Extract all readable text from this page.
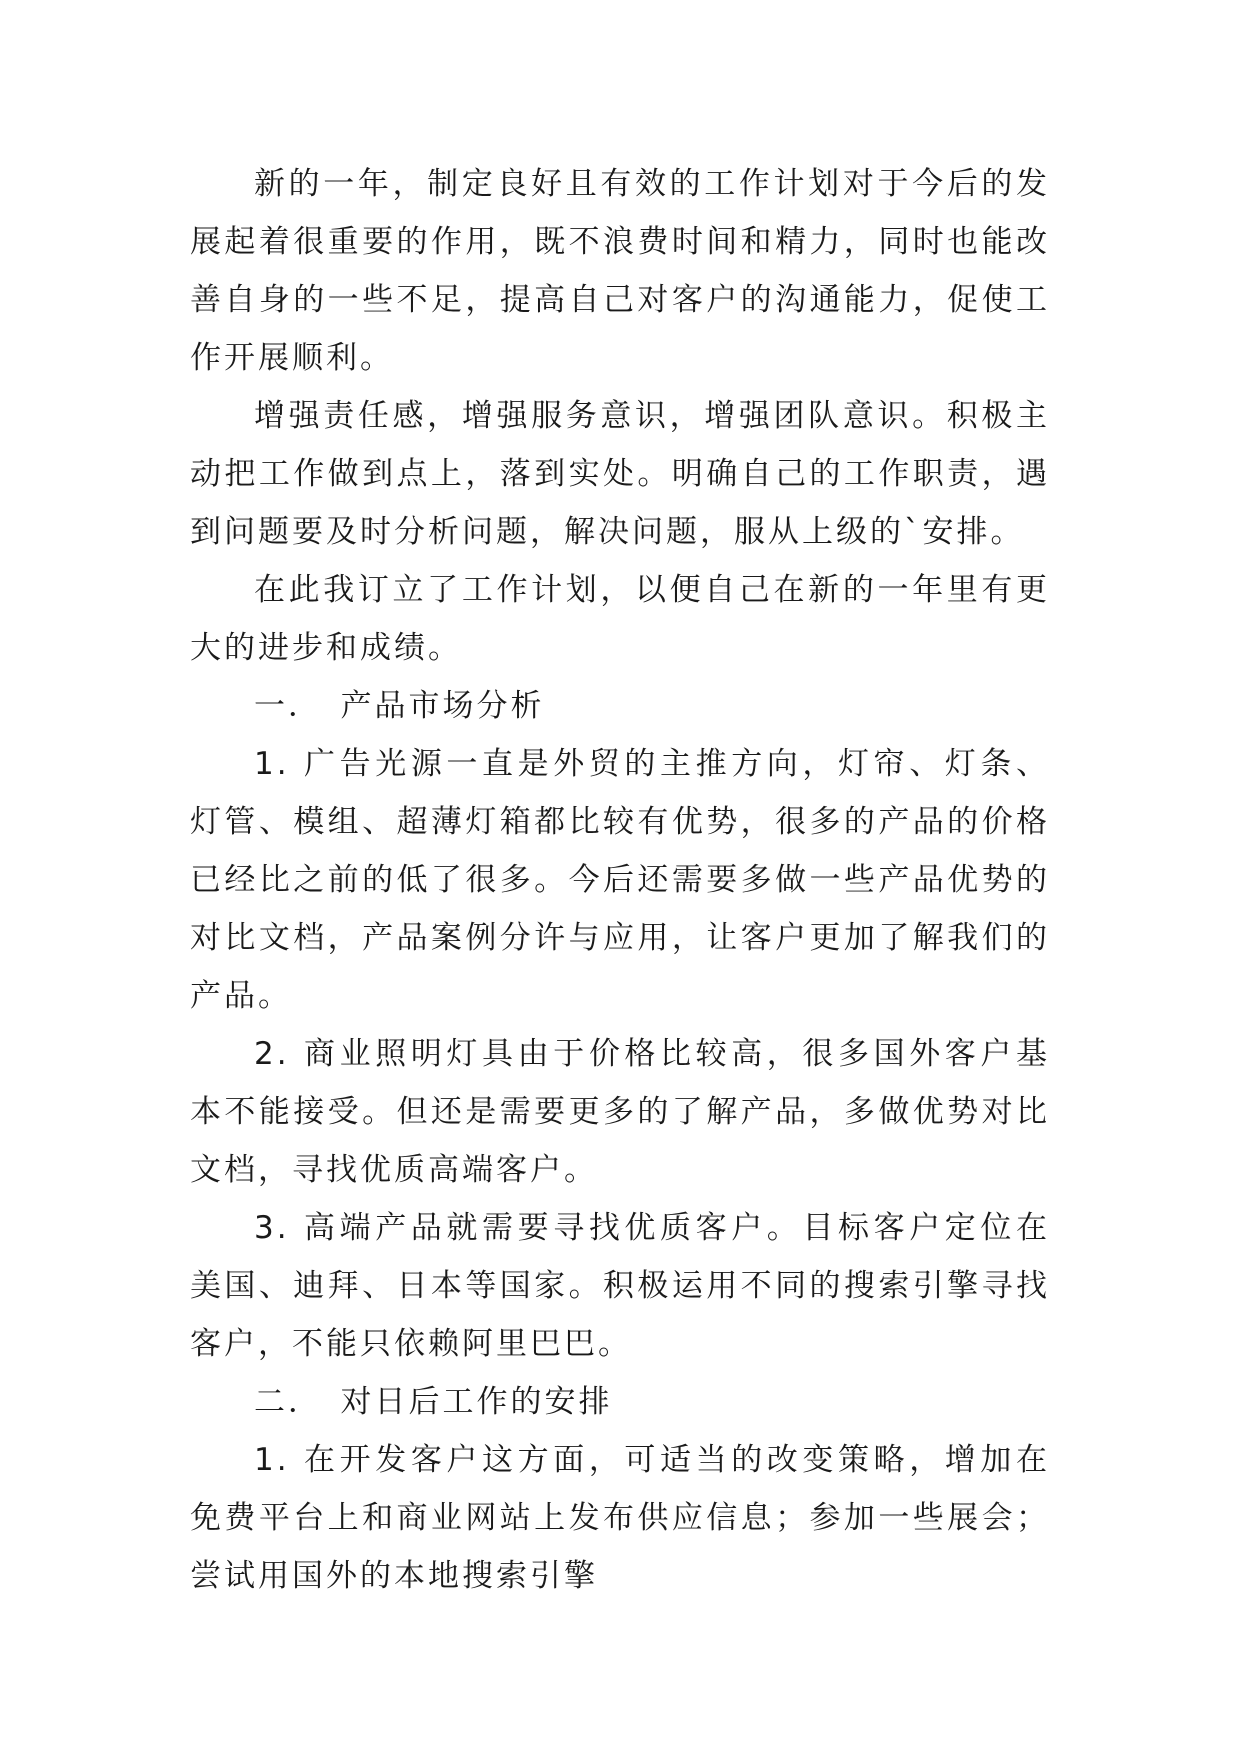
新的一年，制定良好且有效的工作计划对于今后的发展起着很重要的作用，既不浪费时间和精力，同时也能改善自身的一些不足，提高自己对客户的沟通能力，促使工作开展顺利。

增强责任感，增强服务意识，增强团队意识。积极主动把工作做到点上，落到实处。明确自己的工作职责，遇到问题要及时分析问题，解决问题，服从上级的`安排。

在此我订立了工作计划，以便自己在新的一年里有更大的进步和成绩。

一．　产品市场分析

1. 广告光源一直是外贸的主推方向，灯帘、灯条、灯管、模组、超薄灯箱都比较有优势，很多的产品的价格已经比之前的低了很多。今后还需要多做一些产品优势的对比文档，产品案例分许与应用，让客户更加了解我们的产品。

2. 商业照明灯具由于价格比较高，很多国外客户基本不能接受。但还是需要更多的了解产品，多做优势对比文档，寻找优质高端客户。

3. 高端产品就需要寻找优质客户。目标客户定位在美国、迪拜、日本等国家。积极运用不同的搜索引擎寻找客户，不能只依赖阿里巴巴。

二．　对日后工作的安排

1. 在开发客户这方面，可适当的改变策略，增加在免费平台上和商业网站上发布供应信息；参加一些展会；尝试用国外的本地搜索引擎
